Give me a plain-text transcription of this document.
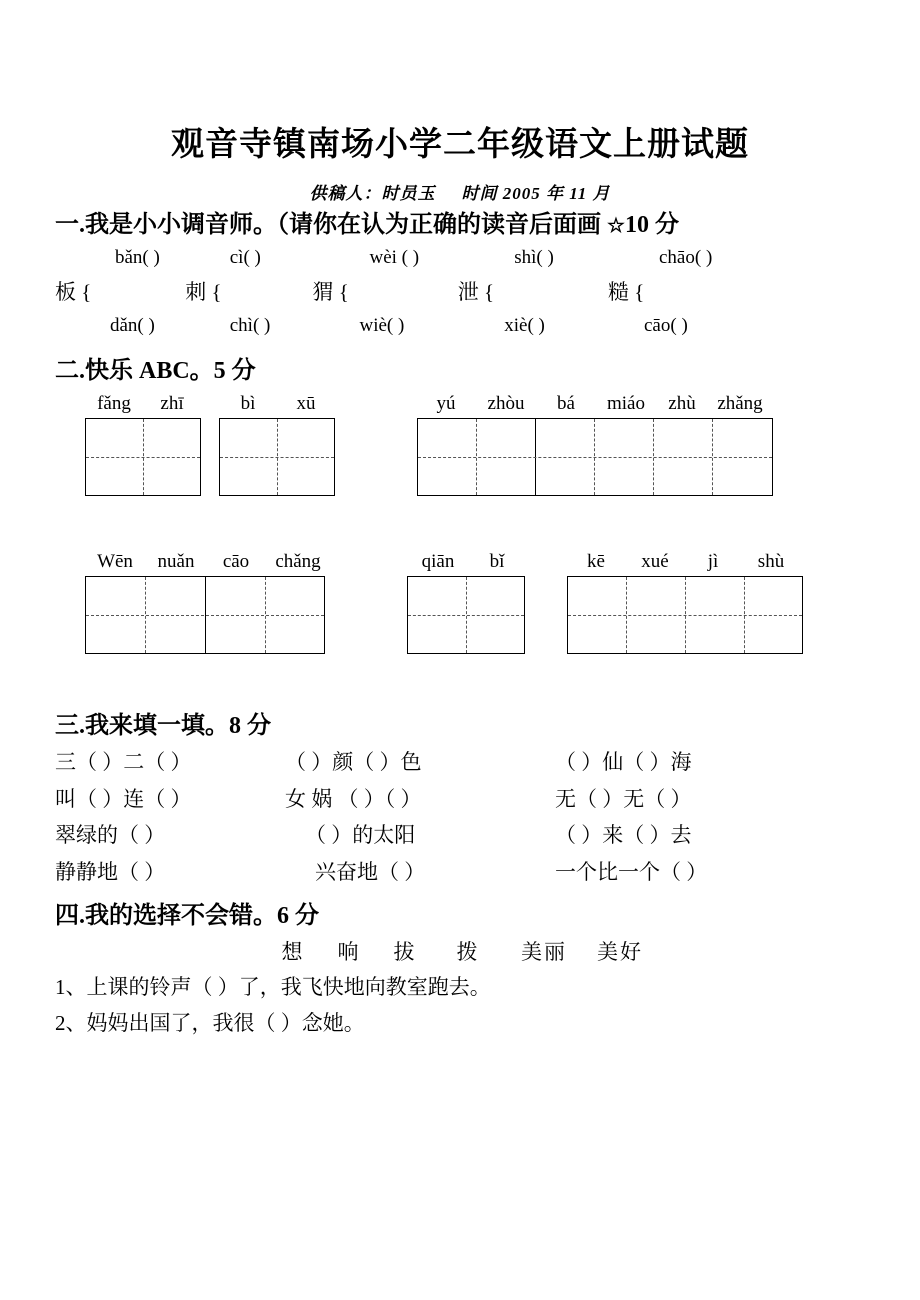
观音寺镇南场小学二年级语文上册试题
供稿人：时员玉 时间 2005 年 11 月
一.我是小小调音师。（请你在认为正确的读音后面画 ☆10 分
bǎn( )	cì( )	wèi ( )	shì( )	chāo( )
板 {	刺 {	猬 {	泄 {	糙 {
dǎn( )	chì( )	wiè( )	xiè( )	cāo( )
二.快乐 ABC。5 分
fǎng zhī
	bì xū
	yú zhòu bá miáo zhù zhǎng
nuǎn	chǎng
	qiān bǐ
	kē xué jì shù
三.我来填一填。8 分
三（ ）二（ ）	（ ）颜（ ）色	（ ）仙（ ）海
叫（ ）连（ ）	女 娲 （ ）（ ）	无（ ）无（ ）
翠绿的（ ）	（ ）的太阳	（ ）来（ ）去
静静地（ ）	兴奋地（ ）	一个比一个（ ）
四.我的选择不会错。6 分
想 响 拔 拨 美丽 美好
1、上课的铃声（ ）了，我飞快地向教室跑去。
2、妈妈出国了，我很（ ）念她。
